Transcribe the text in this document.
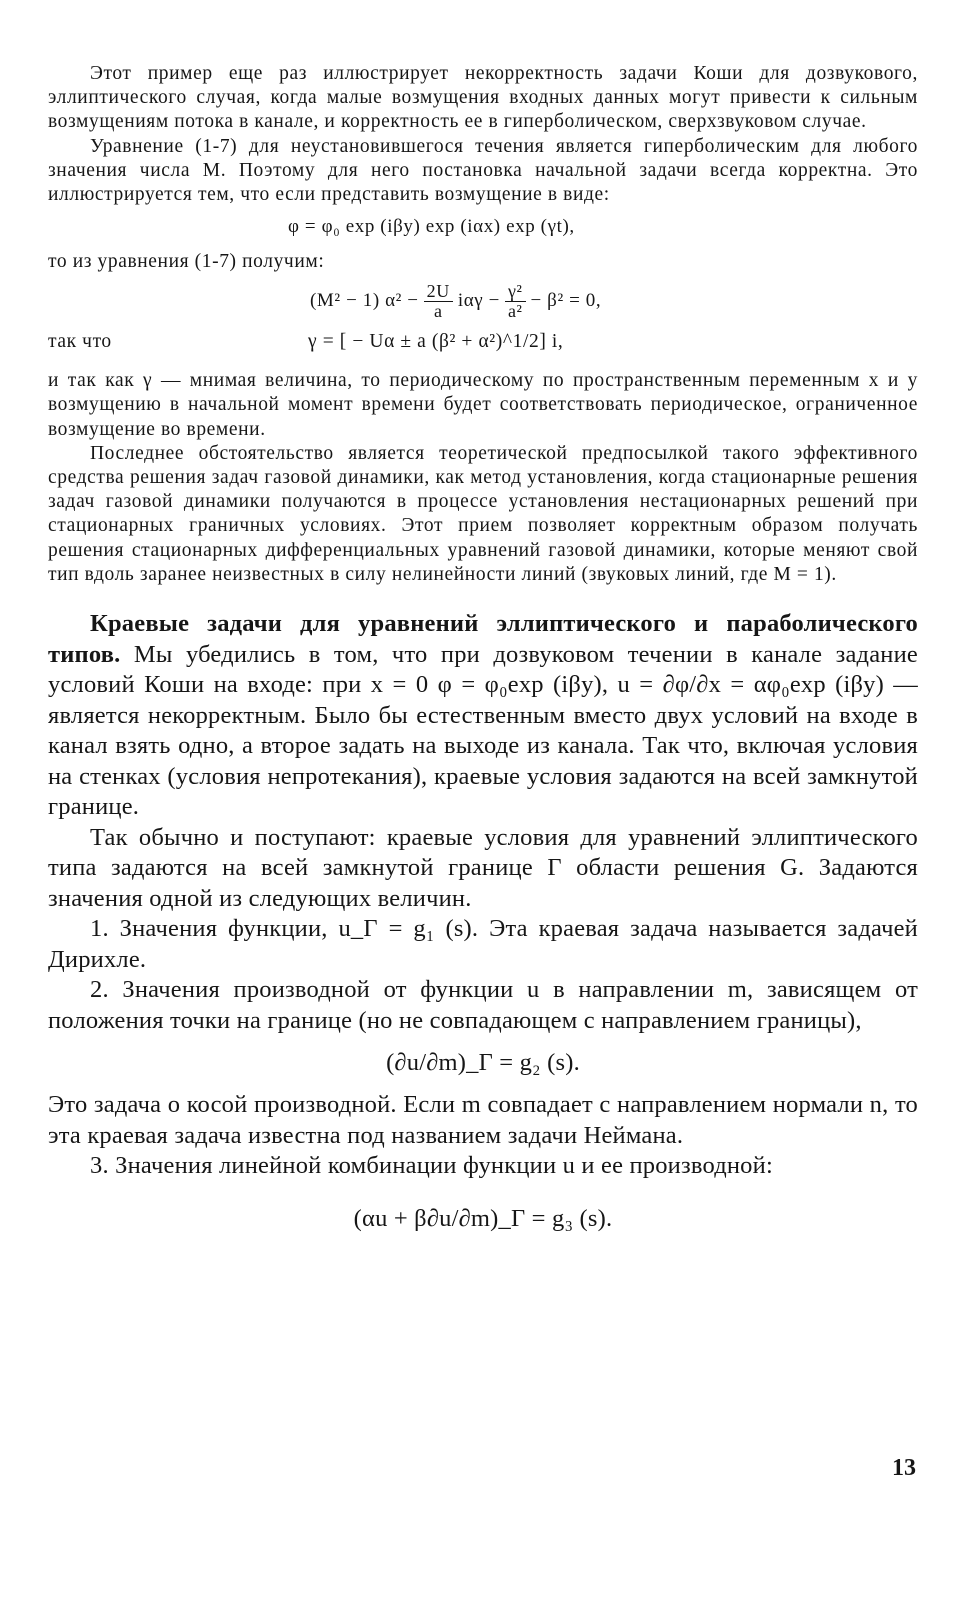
Этот пример еще раз иллюстрирует некорректность задачи Коши для дозвукового, эллиптического случая, когда малые возмущения входных данных могут привести к сильным возмущениям потока в канале, и корректность ее в гиперболическом, сверхзвуковом случае.

Уравнение (1-7) для неустановившегося течения является гиперболическим для любого значения числа М. Поэтому для него постановка начальной задачи всегда корректна. Это иллюстрируется тем, что если представить возмущение в виде:

φ = φ₀ exp (iβy) exp (iαx) exp (γt),

то из уравнения (1-7) получим:

(M² − 1) $\alpha^2 - \frac{2U}{a}$ $i\alpha\gamma - \frac{\text{γ²}}{\text{a²}} - \beta^2 = 0$,
так что	γ = [ − Uα ± a (β² + α²)^1/2] i,

и так как γ — мнимая величина, то периодическому по пространственным переменным x и y возмущению в начальной момент времени будет соответствовать периодическое, ограниченное возмущение во времени.

Последнее обстоятельство является теоретической предпосылкой такого эффективного средства решения задач газовой динамики, как метод установления, когда стационарные решения задач газовой динамики получаются в процессе установления нестационарных решений при стационарных граничных условиях. Этот прием позволяет корректным образом получать решения стационарных дифференциальных уравнений газовой динамики, которые меняют свой тип вдоль заранее неизвестных в силу нелинейности линий (звуковых линий, где M = 1).

Краевые задачи для уравнений эллиптического и параболического типов. Мы убедились в том, что при дозвуковом течении в канале задание условий Коши на входе: при x = 0 φ = φ₀exp (iβy), u = ∂φ/∂x = αφ₀exp (iβy) — является некорректным. Было бы естественным вместо двух условий на входе в канал взять одно, а второе задать на выходе из канала. Так что, включая условия на стенках (условия непротекания), краевые условия задаются на всей замкнутой границе.

Так обычно и поступают: краевые условия для уравнений эллиптического типа задаются на всей замкнутой границе Г области решения G. Задаются значения одной из следующих величин.

1. Значения функции, u_Г = g₁ (s). Эта краевая задача называется задачей Дирихле.

2. Значения производной от функции u в направлении m, зависящем от положения точки на границе (но не совпадающем с направлением границы),

(∂u/∂m)_Г = g₂ (s).

Это задача о косой производной. Если m совпадает с направлением нормали n, то эта краевая задача известна под названием задачи Неймана.

3. Значения линейной комбинации функции u и ее производной:

(αu + β∂u/∂m)_Г = g₃ (s).
13
